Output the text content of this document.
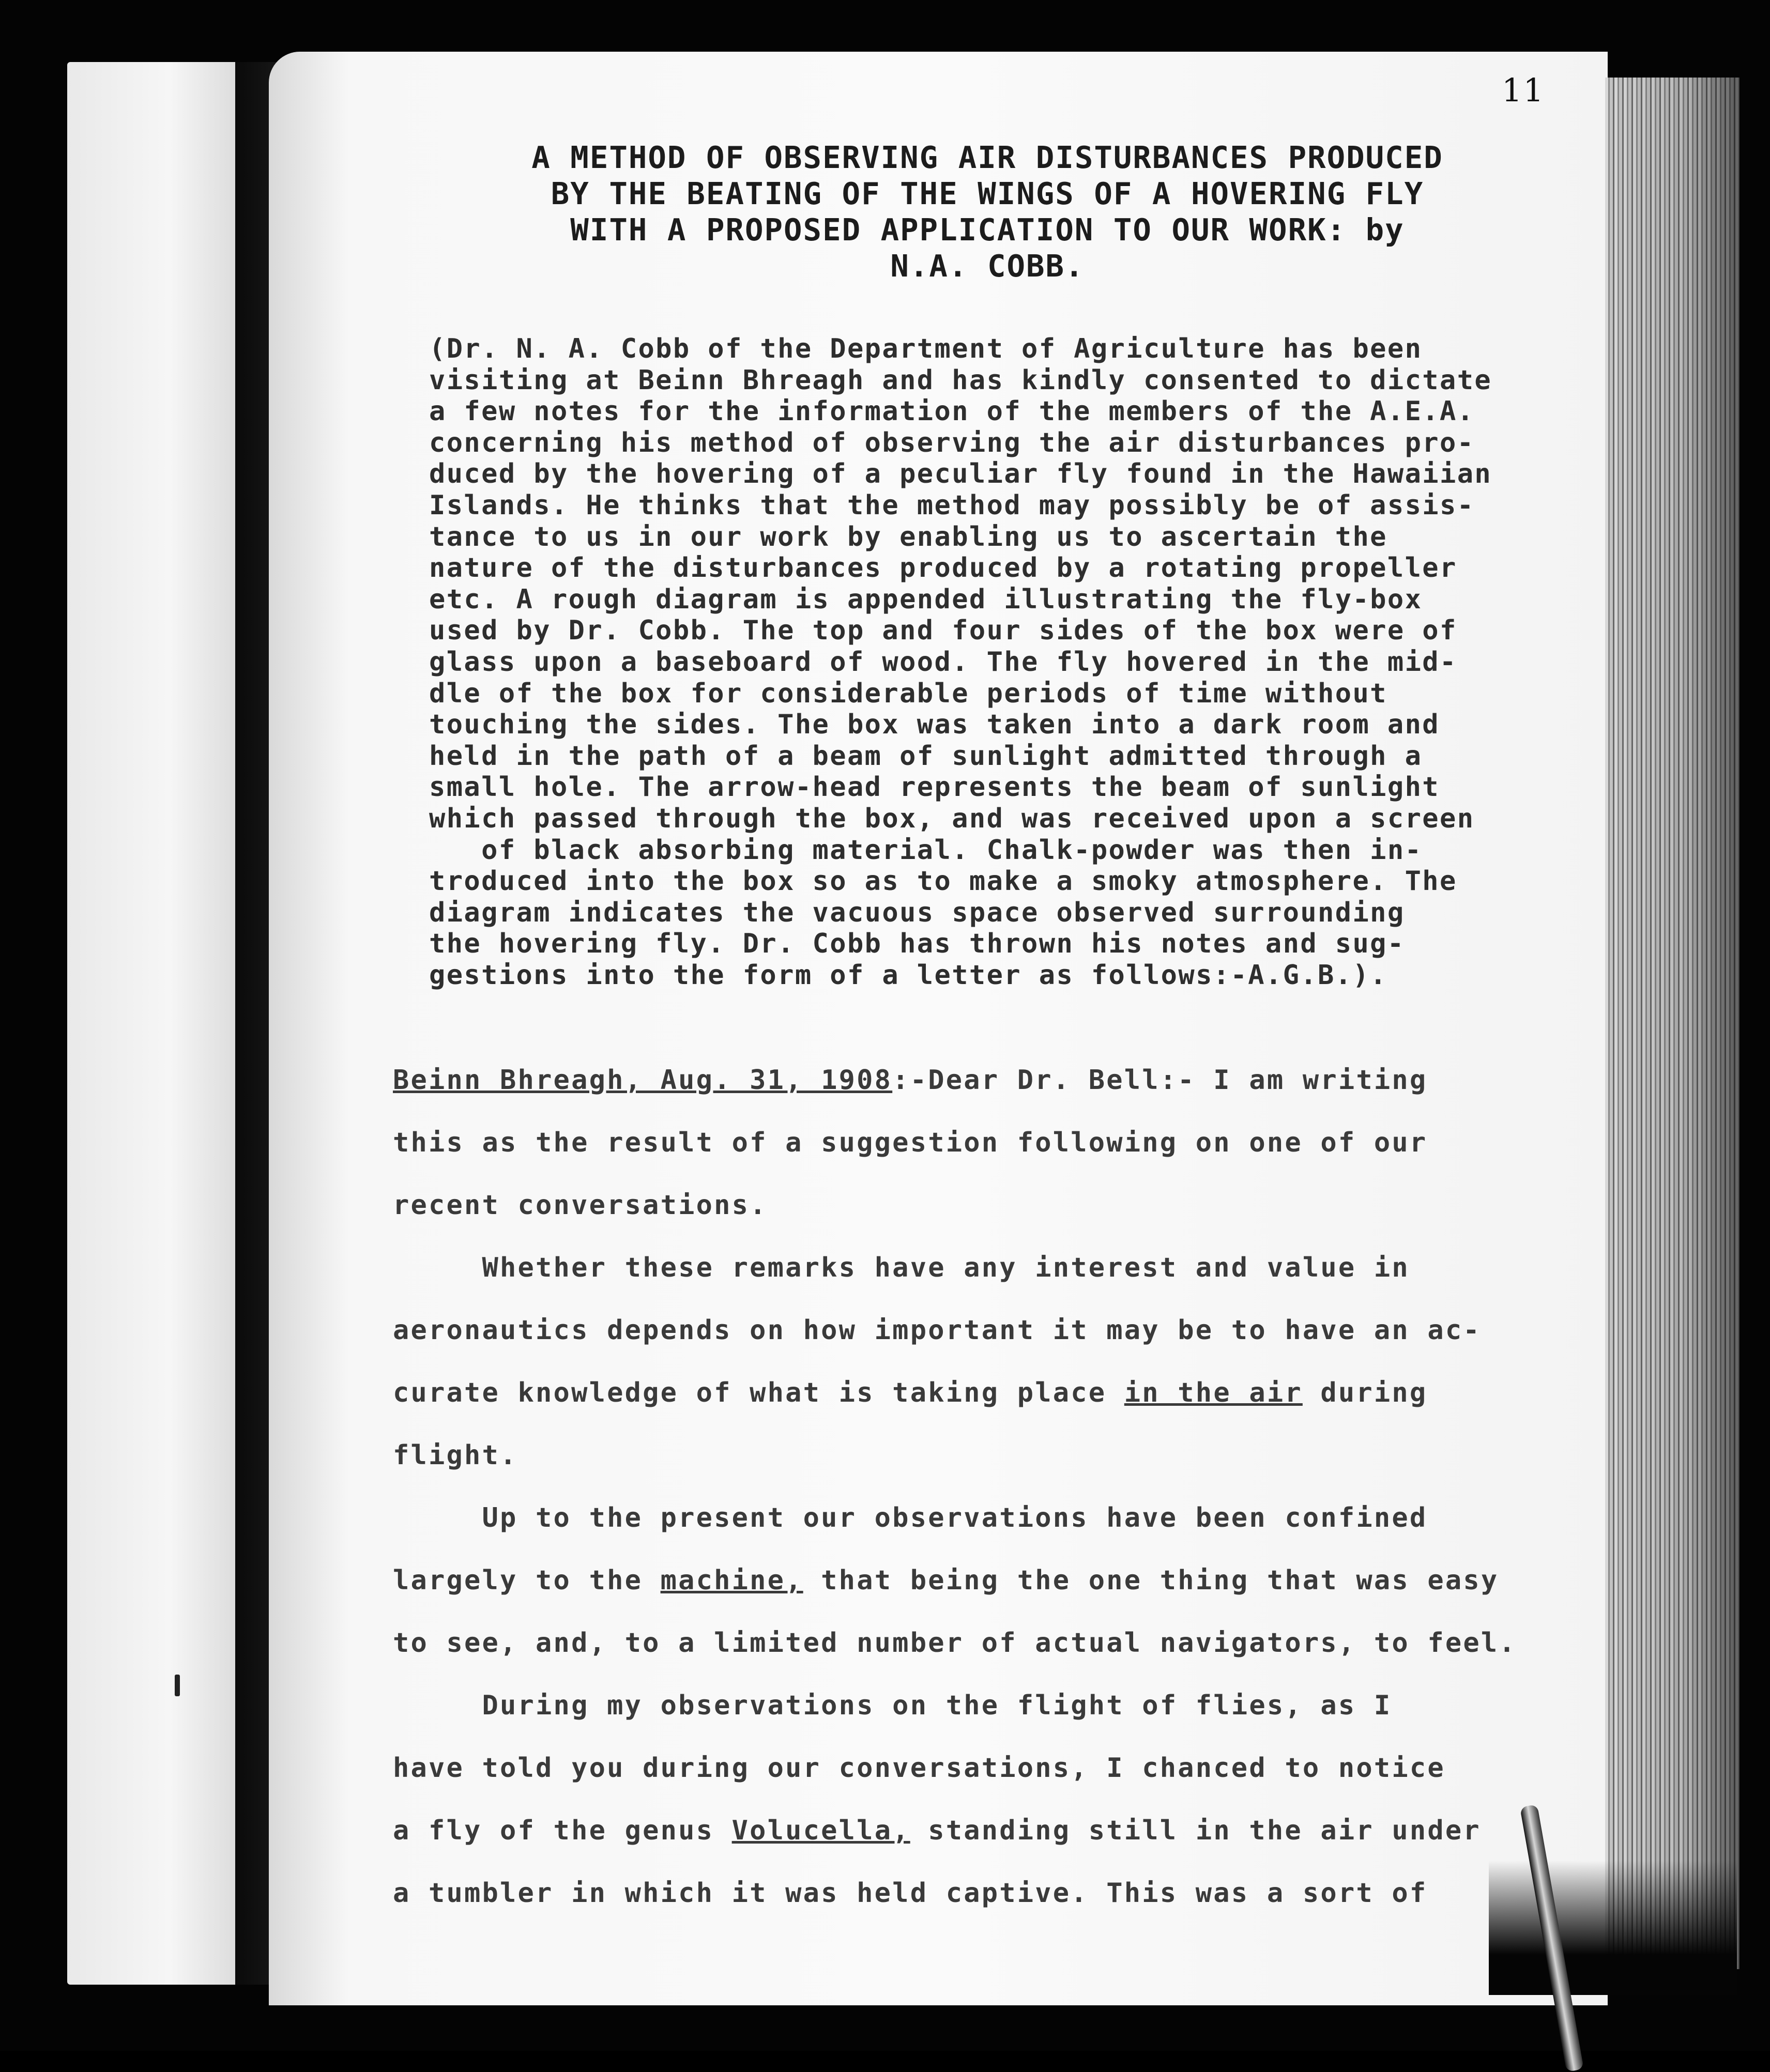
11
A METHOD OF OBSERVING AIR DISTURBANCES PRODUCED
BY THE BEATING OF THE WINGS OF A HOVERING FLY
WITH A PROPOSED APPLICATION TO OUR WORK: by
N.A. COBB.
(Dr. N. A. Cobb of the Department of Agriculture has been
visiting at Beinn Bhreagh and has kindly consented to dictate
a few notes for the information of the members of the A.E.A.
concerning his method of observing the air disturbances pro-
duced by the hovering of a peculiar fly found in the Hawaiian
Islands. He thinks that the method may possibly be of assis-
tance to us in our work by enabling us to ascertain the
nature of the disturbances produced by a rotating propeller
etc. A rough diagram is appended illustrating the fly-box
used by Dr. Cobb. The top and four sides of the box were of
glass upon a baseboard of wood. The fly hovered in the mid-
dle of the box for considerable periods of time without
touching the sides. The box was taken into a dark room and
held in the path of a beam of sunlight admitted through a
small hole. The arrow-head represents the beam of sunlight
which passed through the box, and was received upon a screen
of black absorbing material. Chalk-powder was then in-
troduced into the box so as to make a smoky atmosphere. The
diagram indicates the vacuous space observed surrounding
the hovering fly. Dr. Cobb has thrown his notes and sug-
gestions into the form of a letter as follows:-A.G.B.).
Beinn Bhreagh, Aug. 31, 1908:-Dear Dr. Bell:- I am writing
this as the result of a suggestion following on one of our
recent conversations.
Whether these remarks have any interest and value in
aeronautics depends on how important it may be to have an ac-
curate knowledge of what is taking place in the air during
flight.
Up to the present our observations have been confined
largely to the machine, that being the one thing that was easy
to see, and, to a limited number of actual navigators, to feel.
During my observations on the flight of flies, as I
have told you during our conversations, I chanced to notice
a fly of the genus Volucella, standing still in the air under
a tumbler in which it was held captive. This was a sort of
